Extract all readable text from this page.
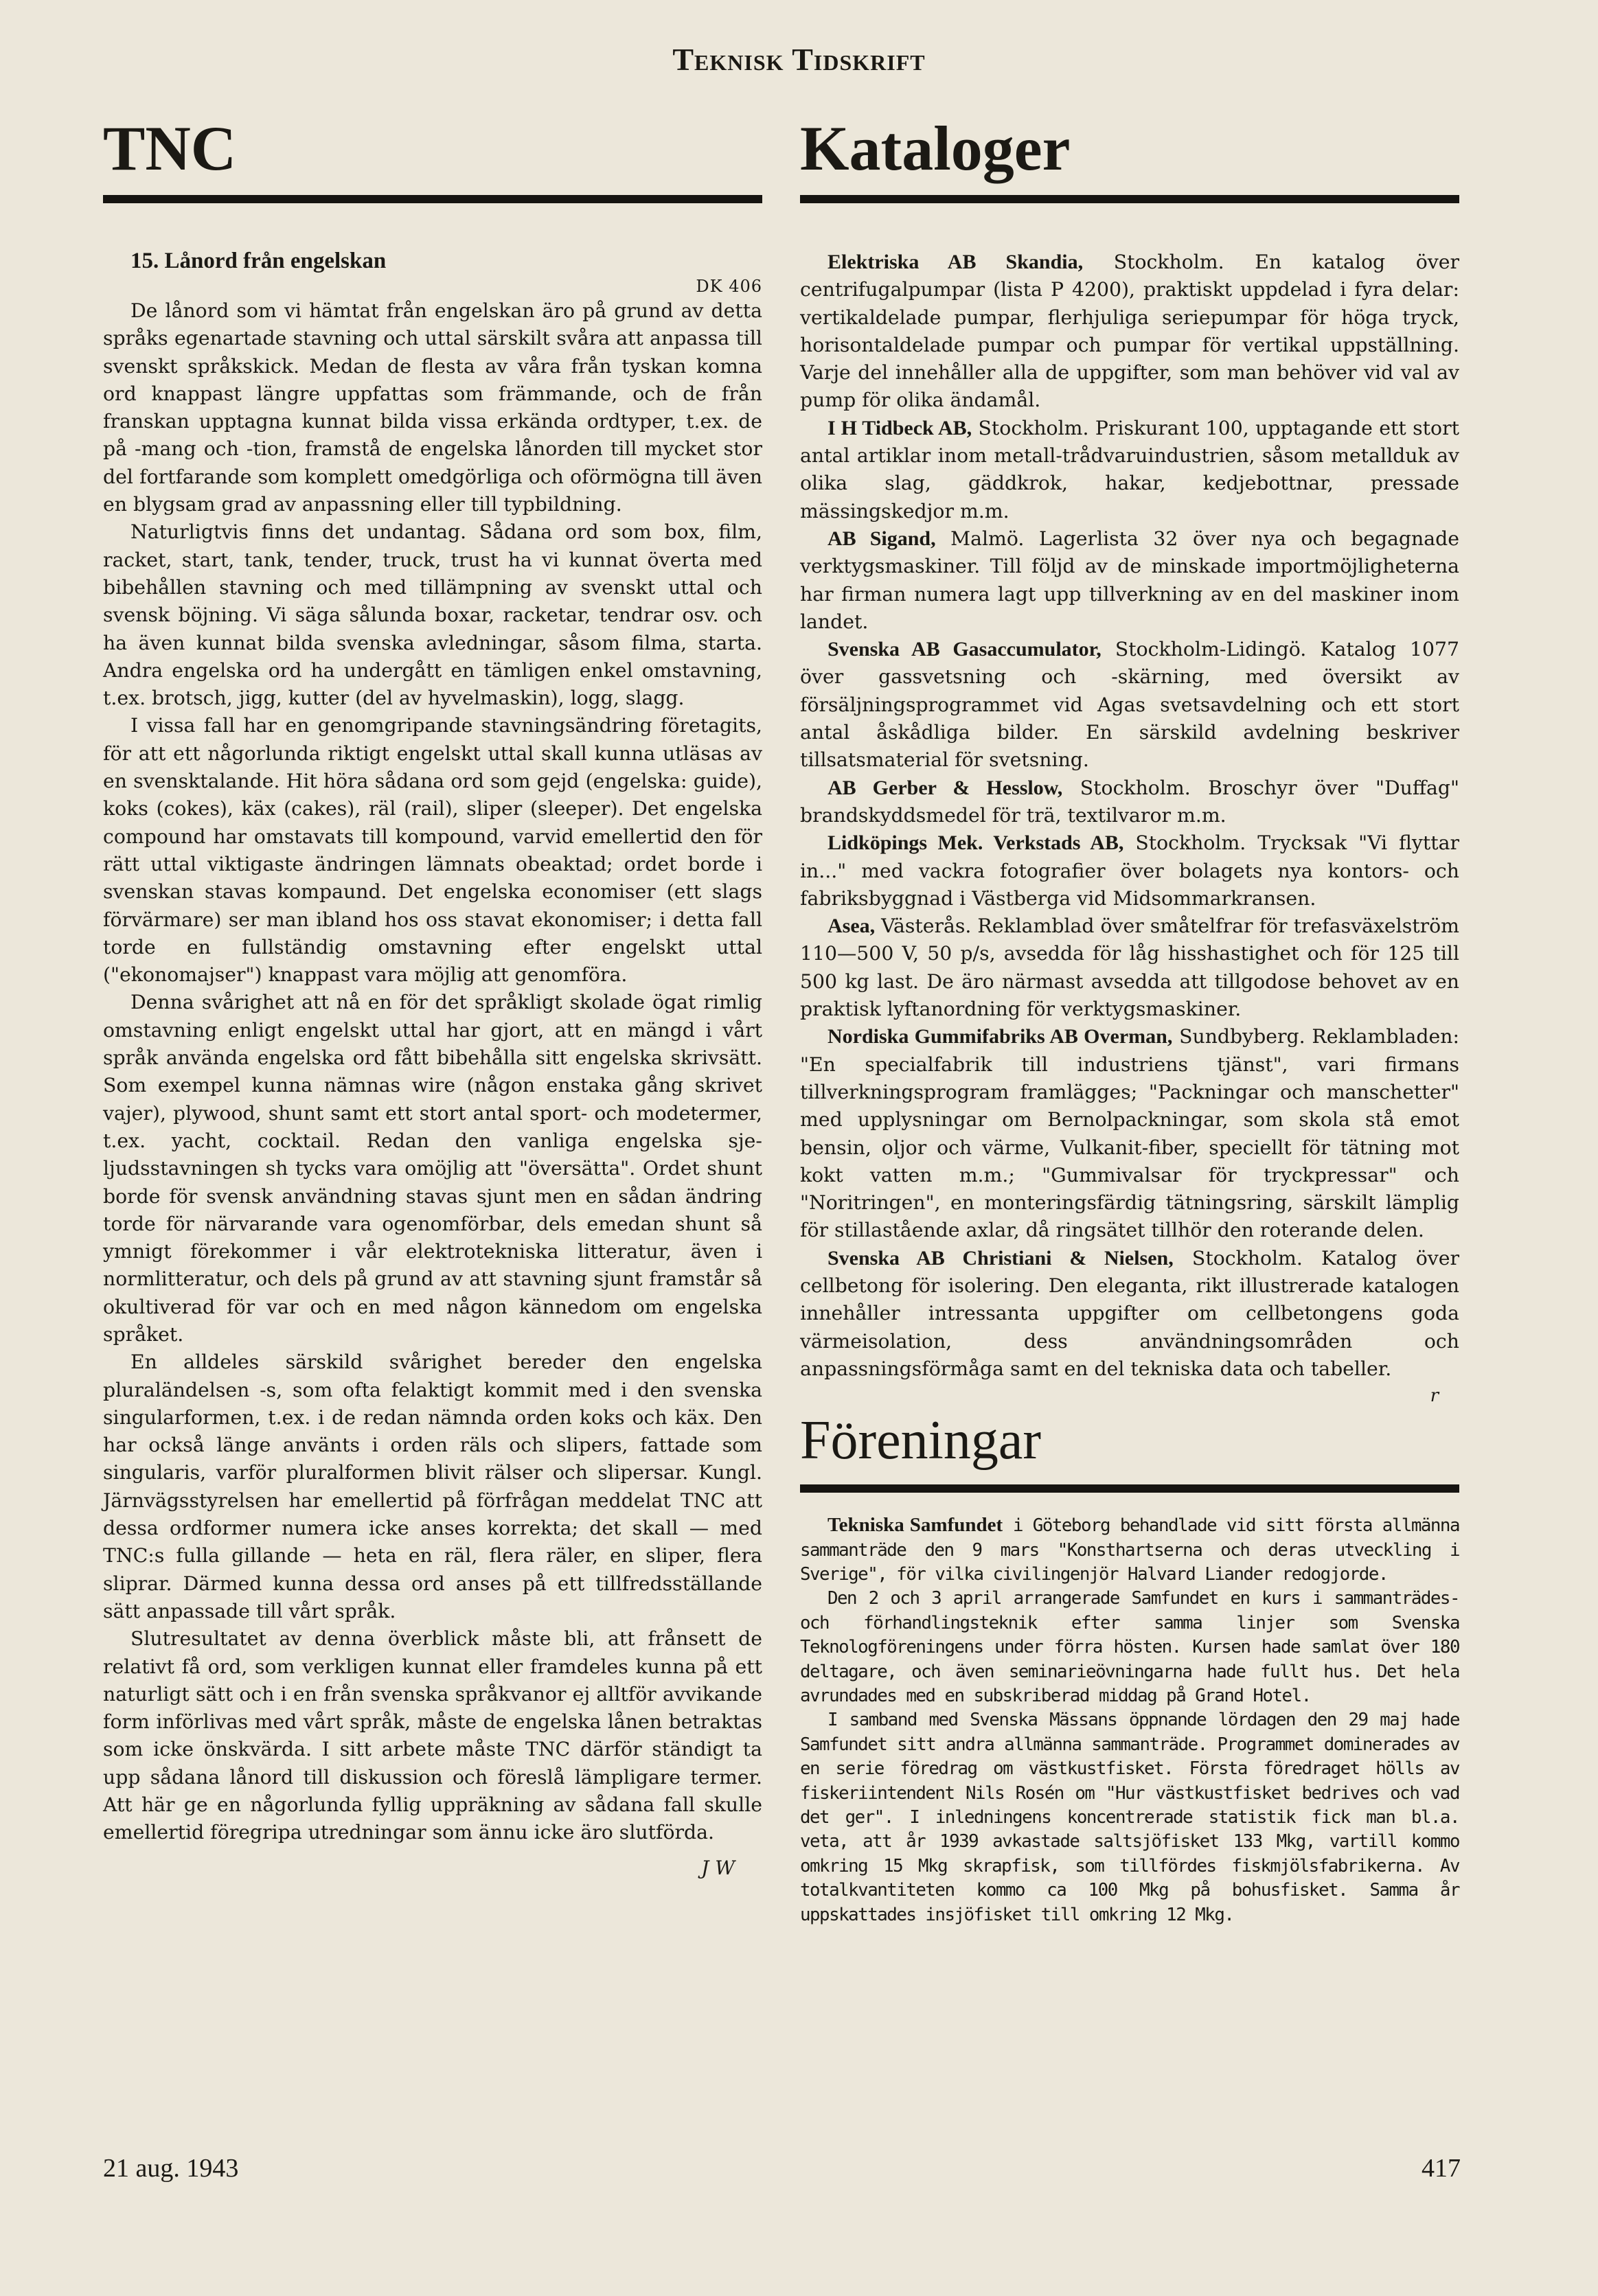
Teknisk Tidskrift
TNC
15. Lånord från engelskan
DK 406

De lånord som vi hämtat från engelskan äro på grund av detta språks egenartade stavning och uttal särskilt svåra att anpassa till svenskt språkskick. Medan de flesta av våra från tyskan komna ord knappast längre uppfattas som främmande, och de från franskan upptagna kunnat bilda vissa erkända ordtyper, t.ex. de på -mang och -tion, framstå de engelska lånorden till mycket stor del fortfarande som komplett omedgörliga och oförmögna till även en blygsam grad av anpassning eller till typbildning.

Naturligtvis finns det undantag. Sådana ord som box, film, racket, start, tank, tender, truck, trust ha vi kunnat överta med bibehållen stavning och med tillämpning av svenskt uttal och svensk böjning. Vi säga sålunda boxar, racketar, tendrar osv. och ha även kunnat bilda svenska avledningar, såsom filma, starta. Andra engelska ord ha undergått en tämligen enkel omstavning, t.ex. brotsch, jigg, kutter (del av hyvelmaskin), logg, slagg.

I vissa fall har en genomgripande stavningsändring företagits, för att ett någorlunda riktigt engelskt uttal skall kunna utläsas av en svensktalande. Hit höra sådana ord som gejd (engelska: guide), koks (cokes), käx (cakes), räl (rail), sliper (sleeper). Det engelska compound har omstavats till kompound, varvid emellertid den för rätt uttal viktigaste ändringen lämnats obeaktad; ordet borde i svenskan stavas kompaund. Det engelska economiser (ett slags förvärmare) ser man ibland hos oss stavat ekonomiser; i detta fall torde en fullständig omstavning efter engelskt uttal ("ekonomajser") knappast vara möjlig att genomföra.

Denna svårighet att nå en för det språkligt skolade ögat rimlig omstavning enligt engelskt uttal har gjort, att en mängd i vårt språk använda engelska ord fått bibehålla sitt engelska skrivsätt. Som exempel kunna nämnas wire (någon enstaka gång skrivet vajer), plywood, shunt samt ett stort antal sport- och modetermer, t.ex. yacht, cocktail. Redan den vanliga engelska sje-ljudsstavningen sh tycks vara omöjlig att "översätta". Ordet shunt borde för svensk användning stavas sjunt men en sådan ändring torde för närvarande vara ogenomförbar, dels emedan shunt så ymnigt förekommer i vår elektrotekniska litteratur, även i normlitteratur, och dels på grund av att stavning sjunt framstår så okultiverad för var och en med någon kännedom om engelska språket.

En alldeles särskild svårighet bereder den engelska pluraländelsen -s, som ofta felaktigt kommit med i den svenska singularformen, t.ex. i de redan nämnda orden koks och käx. Den har också länge använts i orden räls och slipers, fattade som singularis, varför pluralformen blivit rälser och slipersar. Kungl. Järnvägsstyrelsen har emellertid på förfrågan meddelat TNC att dessa ordformer numera icke anses korrekta; det skall — med TNC:s fulla gillande — heta en räl, flera räler, en sliper, flera sliprar. Därmed kunna dessa ord anses på ett tillfredsställande sätt anpassade till vårt språk.

Slutresultatet av denna överblick måste bli, att frånsett de relativt få ord, som verkligen kunnat eller framdeles kunna på ett naturligt sätt och i en från svenska språkvanor ej alltför avvikande form införlivas med vårt språk, måste de engelska lånen betraktas som icke önskvärda. I sitt arbete måste TNC därför ständigt ta upp sådana lånord till diskussion och föreslå lämpligare termer. Att här ge en någorlunda fyllig uppräkning av sådana fall skulle emellertid föregripa utredningar som ännu icke äro slutförda.

J W
Kataloger

Elektriska AB Skandia, Stockholm. En katalog över centrifugalpumpar (lista P 4200), praktiskt uppdelad i fyra delar: vertikaldelade pumpar, flerhjuliga seriepumpar för höga tryck, horisontaldelade pumpar och pumpar för vertikal uppställning. Varje del innehåller alla de uppgifter, som man behöver vid val av pump för olika ändamål.

I H Tidbeck AB, Stockholm. Priskurant 100, upptagande ett stort antal artiklar inom metall-trådvaruindustrien, såsom metallduk av olika slag, gäddkrok, hakar, kedjebottnar, pressade mässingskedjor m.m.

AB Sigand, Malmö. Lagerlista 32 över nya och begagnade verktygsmaskiner. Till följd av de minskade importmöjligheterna har firman numera lagt upp tillverkning av en del maskiner inom landet.

Svenska AB Gasaccumulator, Stockholm-Lidingö. Katalog 1077 över gassvetsning och -skärning, med översikt av försäljningsprogrammet vid Agas svetsavdelning och ett stort antal åskådliga bilder. En särskild avdelning beskriver tillsatsmaterial för svetsning.

AB Gerber & Hesslow, Stockholm. Broschyr över "Duffag" brandskyddsmedel för trä, textilvaror m.m.

Lidköpings Mek. Verkstads AB, Stockholm. Trycksak "Vi flyttar in..." med vackra fotografier över bolagets nya kontors- och fabriksbyggnad i Västberga vid Midsommarkransen.

Asea, Västerås. Reklamblad över småtelfrar för trefasväxelström 110—500 V, 50 p/s, avsedda för låg hisshastighet och för 125 till 500 kg last. De äro närmast avsedda att tillgodose behovet av en praktisk lyftanordning för verktygsmaskiner.

Nordiska Gummifabriks AB Overman, Sundbyberg. Reklambladen: "En specialfabrik till industriens tjänst", vari firmans tillverkningsprogram framlägges; "Packningar och manschetter" med upplysningar om Bernolpackningar, som skola stå emot bensin, oljor och värme, Vulkanit-fiber, speciellt för tätning mot kokt vatten m.m.; "Gummivalsar för tryckpressar" och "Noritringen", en monteringsfärdig tätningsring, särskilt lämplig för stillastående axlar, då ringsätet tillhör den roterande delen.

Svenska AB Christiani & Nielsen, Stockholm. Katalog över cellbetong för isolering. Den eleganta, rikt illustrerade katalogen innehåller intressanta uppgifter om cellbetongens goda värmeisolation, dess användningsområden och anpassningsförmåga samt en del tekniska data och tabeller.

r
Föreningar

Tekniska Samfundet i Göteborg behandlade vid sitt första allmänna sammanträde den 9 mars "Konsthartserna och deras utveckling i Sverige", för vilka civilingenjör Halvard Liander redogjorde.

Den 2 och 3 april arrangerade Samfundet en kurs i sammanträdes- och förhandlingsteknik efter samma linjer som Svenska Teknologföreningens under förra hösten. Kursen hade samlat över 180 deltagare, och även seminarieövningarna hade fullt hus. Det hela avrundades med en subskriberad middag på Grand Hotel.

I samband med Svenska Mässans öppnande lördagen den 29 maj hade Samfundet sitt andra allmänna sammanträde. Programmet dominerades av en serie föredrag om västkustfisket. Första föredraget hölls av fiskeriintendent Nils Rosén om "Hur västkustfisket bedrives och vad det ger". I inledningens koncentrerade statistik fick man bl.a. veta, att år 1939 avkastade saltsjöfisket 133 Mkg, vartill kommo omkring 15 Mkg skrapfisk, som tillfördes fiskmjölsfabrikerna. Av totalkvantiteten kommo ca 100 Mkg på bohusfisket. Samma år uppskattades insjöfisket till omkring 12 Mkg.

21 aug. 1943	417
